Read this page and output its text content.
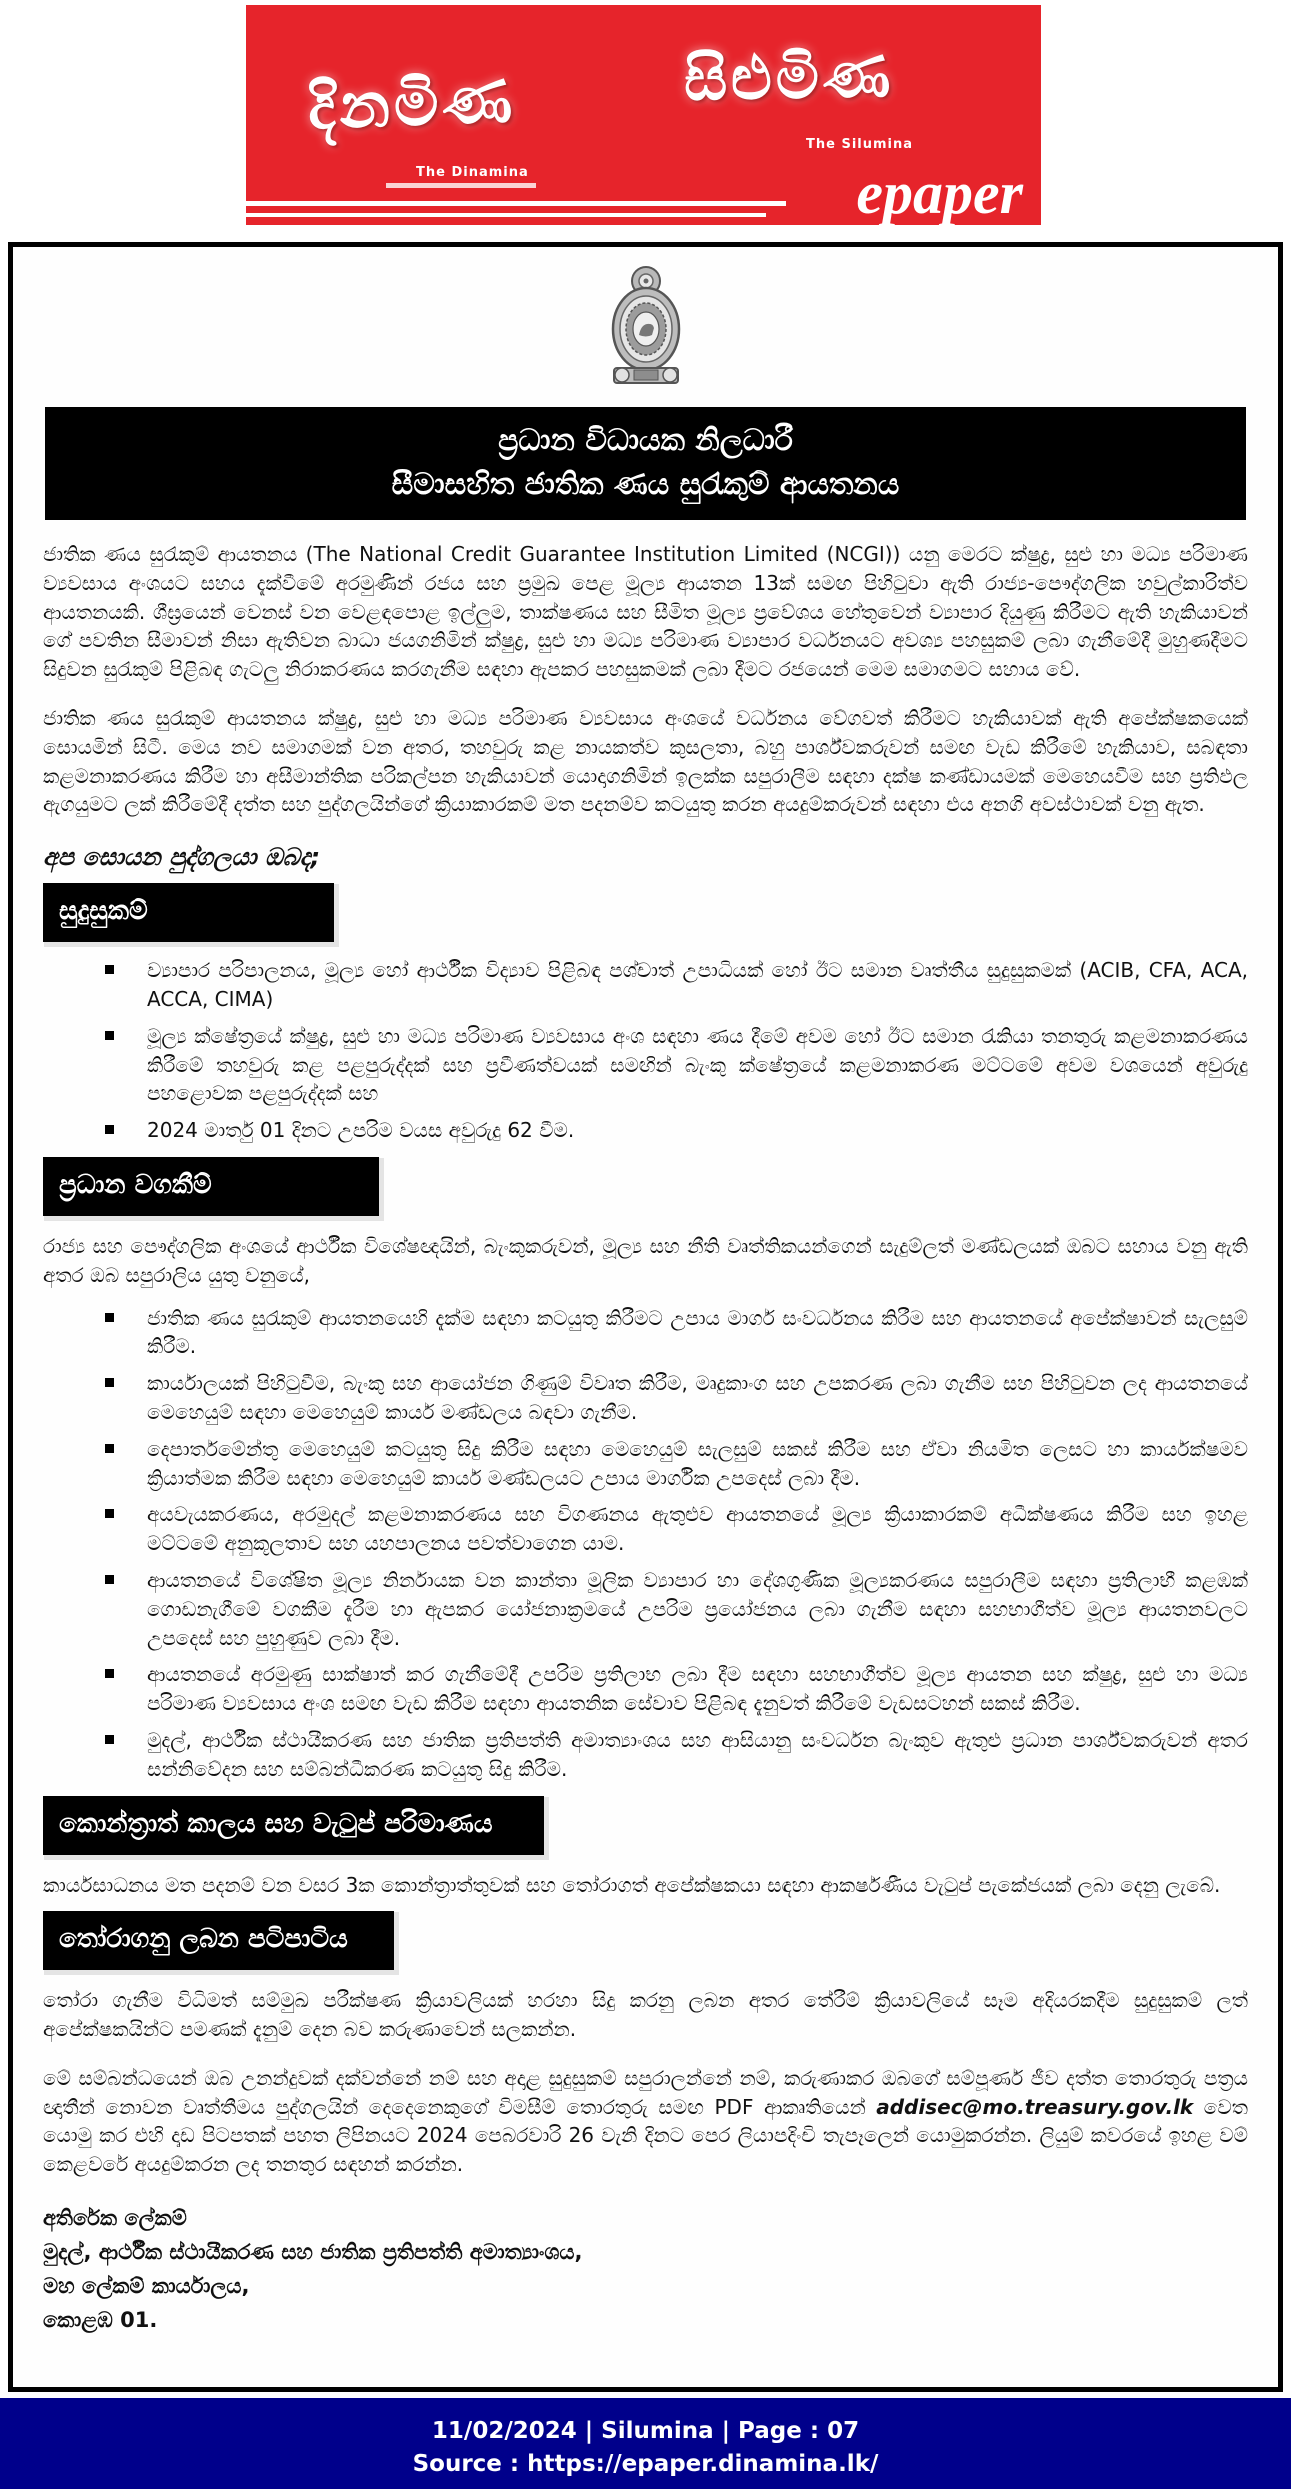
දිනමිණ
The Dinamina
සිළුමිණ
The Silumina
epaper
ප්‍රධාන විධායක නිලධාරී
සීමාසහිත ජාතික ණය සුරැකුම් ආයතනය

ජාතික ණය සුරැකුම් ආයතනය (The National Credit Guarantee Institution Limited (NCGI)) යනු මෙරට ක්ෂුද්‍ර, සුළු හා මධ්‍ය පරිමාණ ව්‍යවසාය අංශයට සහය දැක්වීමේ අරමුණින් රජය සහ ප්‍රමුඛ පෙළ මූල්‍ය ආයතන 13ක් සමඟ පිහිටුවා ඇති රාජ්‍ය-පෞද්ගලික හවුල්කාරිත්ව ආයතනයකි. ශීඝ්‍රයෙන් වෙනස් වන වෙළඳපොළ ඉල්ලුම, තාක්ෂණය සහ සීමිත මූල්‍ය ප්‍රවේශය හේතුවෙන් ව්‍යාපාර දියුණු කිරීමට ඇති හැකියාවන් ගේ පවතින සීමාවන් නිසා ඇතිවන බාධා ජයගනිමින් ක්ෂුද්‍ර, සුළු හා මධ්‍ය පරිමාණ ව්‍යාපාර වර්ධනයට අවශ්‍ය පහසුකම් ලබා ගැනීමේදී මුහුණදීමට සිදුවන සුරැකුම් පිළිබඳ ගැටලු නිරාකරණය කරගැනීම සඳහා ඇපකර පහසුකමක් ලබා දීමට රජයෙන් මෙම සමාගමට සහාය වේ.

ජාතික ණය සුරැකුම් ආයතනය ක්ෂුද්‍ර, සුළු හා මධ්‍ය පරිමාණ ව්‍යවසාය අංශයේ වර්ධනය වේගවත් කිරීමට හැකියාවක් ඇති අපේක්ෂකයෙක් සොයමින් සිටී. මෙය නව සමාගමක් වන අතර, තහවුරු කළ නායකත්ව කුසලතා, බහු පාර්ශ්වකරුවන් සමඟ වැඩ කිරීමේ හැකියාව, සබඳතා කළමනාකරණය කිරීම හා අසීමාන්තික පරිකල්පන හැකියාවන් යොදාගනිමින් ඉලක්ක සපුරාලීම සඳහා දක්ෂ කණ්ඩායමක් මෙහෙයවීම සහ ප්‍රතිඵල ඇගයුමට ලක් කිරීමේදී දත්ත සහ පුද්ගලයින්ගේ ක්‍රියාකාරකම් මත පදනම්ව කටයුතු කරන අයදුම්කරුවන් සඳහා එය අනගි අවස්ථාවක් වනු ඇත.

අප සොයන පුද්ගලයා ඔබද;
සුදුසුකම්
ව්‍යාපාර පරිපාලනය, මූල්‍ය හෝ ආර්ථීක විද්‍යාව පිළිබඳ පශ්චාත් උපාධියක් හෝ ඊට සමාන වෘත්තීය සුදුසුකමක් (ACIB, CFA, ACA, ACCA, CIMA)
මූල්‍ය ක්ෂේත්‍රයේ ක්ෂුද්‍ර, සුළු හා මධ්‍ය පරිමාණ ව්‍යවසාය අංශ සඳහා ණය දීමේ අවම හෝ ඊට සමාන රැකියා තනතුරු කළමනාකරණය කිරීමේ තහවුරු කළ පළපුරුද්දක් සහ ප්‍රවීණත්වයක් සමඟින් බැංකු ක්ෂේත්‍රයේ කළමනාකරණ මට්ටමේ අවම වශයෙන් අවුරුදු පහළොවක පළපුරුද්දක් සහ
2024 මාර්තු 01 දිනට උපරිම වයස අවුරුදු 62 වීම.
ප්‍රධාන වගකීම්

රාජ්‍ය සහ පෞද්ගලික අංශයේ ආර්ථීක විශේෂඥයින්, බැංකුකරුවන්, මූල්‍ය සහ නීති වෘත්තිකයන්ගෙන් සැදුම්ලත් මණ්ඩලයක් ඔබට සහාය වනු ඇති අතර ඔබ සපුරාලිය යුතු වනුයේ,

ජාතික ණය සුරැකුම් ආයතනයෙහි දැක්ම සඳහා කටයුතු කිරීමට උපාය මාර්ග සංවර්ධනය කිරීම සහ ආයතනයේ අපේක්ෂාවන් සැලසුම් කිරීම.
කාර්යාලයක් පිහිටුවීම, බැංකු සහ ආයෝජන ගිණුම් විවෘත කිරීම, මෘදුකාංග සහ උපකරණ ලබා ගැනීම සහ පිහිටුවන ලද ආයතනයේ මෙහෙයුම් සඳහා මෙහෙයුම් කාර්ය මණ්ඩලය බඳවා ගැනීම.
දෙපාර්තමේන්තු මෙහෙයුම් කටයුතු සිදු කිරීම සඳහා මෙහෙයුම් සැලසුම් සකස් කිරීම සහ ඒවා නියමිත ලෙසට හා කාර්යක්ෂමව ක්‍රියාත්මක කිරීම සඳහා මෙහෙයුම් කාර්ය මණ්ඩලයට උපාය මාර්ගික උපදෙස් ලබා දීම.
අයවැයකරණය, අරමුදල් කළමනාකරණය සහ විගණනය ඇතුළුව ආයතනයේ මූල්‍ය ක්‍රියාකාරකම් අධීක්ෂණය කිරීම සහ ඉහළ මට්ටමේ අනුකූලතාව සහ යහපාලනය පවත්වාගෙන යාම.
ආයතනයේ විශේෂිත මූල්‍ය නිර්නායක වන කාන්තා මූලික ව්‍යාපාර හා දේශගුණික මූල්‍යකරණය සපුරාලීම සඳහා ප්‍රතිලාභී කළඹක් ගොඩනැගීමේ වගකීම දැරීම හා ඇපකර යෝජනාක්‍රමයේ උපරිම ප්‍රයෝජනය ලබා ගැනීම සඳහා සහභාගීත්ව මූල්‍ය ආයතනවලට උපදෙස් සහ පුහුණුව ලබා දීම.
ආයතනයේ අරමුණු සාක්ෂාත් කර ගැනීමේදී උපරිම ප්‍රතිලාභ ලබා දීම සඳහා සහභාගීත්ව මූල්‍ය ආයතන සහ ක්ෂුද්‍ර, සුළු හා මධ්‍ය පරිමාණ ව්‍යවසාය අංශ සමඟ වැඩ කිරීම සඳහා ආයතනික සේවාව පිළිබඳ දැනුවත් කිරීමේ වැඩසටහන් සකස් කිරීම.
මුදල්, ආර්ථීක ස්ථායීකරණ සහ ජාතික ප්‍රතිපත්ති අමාත්‍යාංශය සහ ආසියානු සංවර්ධන බැංකුව ඇතුළු ප්‍රධාන පාර්ශ්වකරුවන් අතර සන්නිවේදන සහ සම්බන්ධීකරණ කටයුතු සිදු කිරීම.
කොන්ත්‍රාත් කාලය සහ වැටුප් පරිමාණය

කාර්යසාධනය මත පදනම් වන වසර 3ක කොන්ත්‍රාත්තුවක් සහ තෝරාගත් අපේක්ෂකයා සඳහා ආකර්ෂණීය වැටුප් පැකේජයක් ලබා දෙනු ලැබේ.

තෝරාගනු ලබන පටිපාටිය

තෝරා ගැනීම විධිමත් සම්මුඛ පරීක්ෂණ ක්‍රියාවලියක් හරහා සිදු කරනු ලබන අතර තේරීම් ක්‍රියාවලියේ සෑම අදියරකදීම සුදුසුකම් ලත් අපේක්ෂකයින්ට පමණක් දැනුම් දෙන බව කරුණාවෙන් සලකන්න.

මේ සම්බන්ධයෙන් ඔබ උනන්දුවක් දක්වන්නේ නම් සහ අදාළ සුදුසුකම් සපුරාලන්නේ නම්, කරුණාකර ඔබගේ සම්පූර්ණ ජීව දත්ත තොරතුරු පත්‍රය ඥාතීන් නොවන වෘත්තීමය පුද්ගලයින් දෙදෙනෙකුගේ විමසීම් තොරතුරු සමඟ PDF ආකෘතියෙන් addisec@mo.treasury.gov.lk වෙත යොමු කර එහි දෘඩ පිටපතක් පහත ලිපිනයට 2024 පෙබරවාරි 26 වැනි දිනට පෙර ලියාපදිංචි තැපෑලෙන් යොමුකරන්න. ලියුම් කවරයේ ඉහළ වම් කෙළවරේ අයදුම්කරන ලද තනතුර සඳහන් කරන්න.

අතිරේක ලේකම්
මුදල්, ආර්ථීක ස්ථායීකරණ සහ ජාතික ප්‍රතිපත්ති අමාත්‍යාංශය,
මහ ලේකම් කාර්යාලය,
කොළඹ 01.
11/02/2024 | Silumina | Page : 07
Source : https://epaper.dinamina.lk/
